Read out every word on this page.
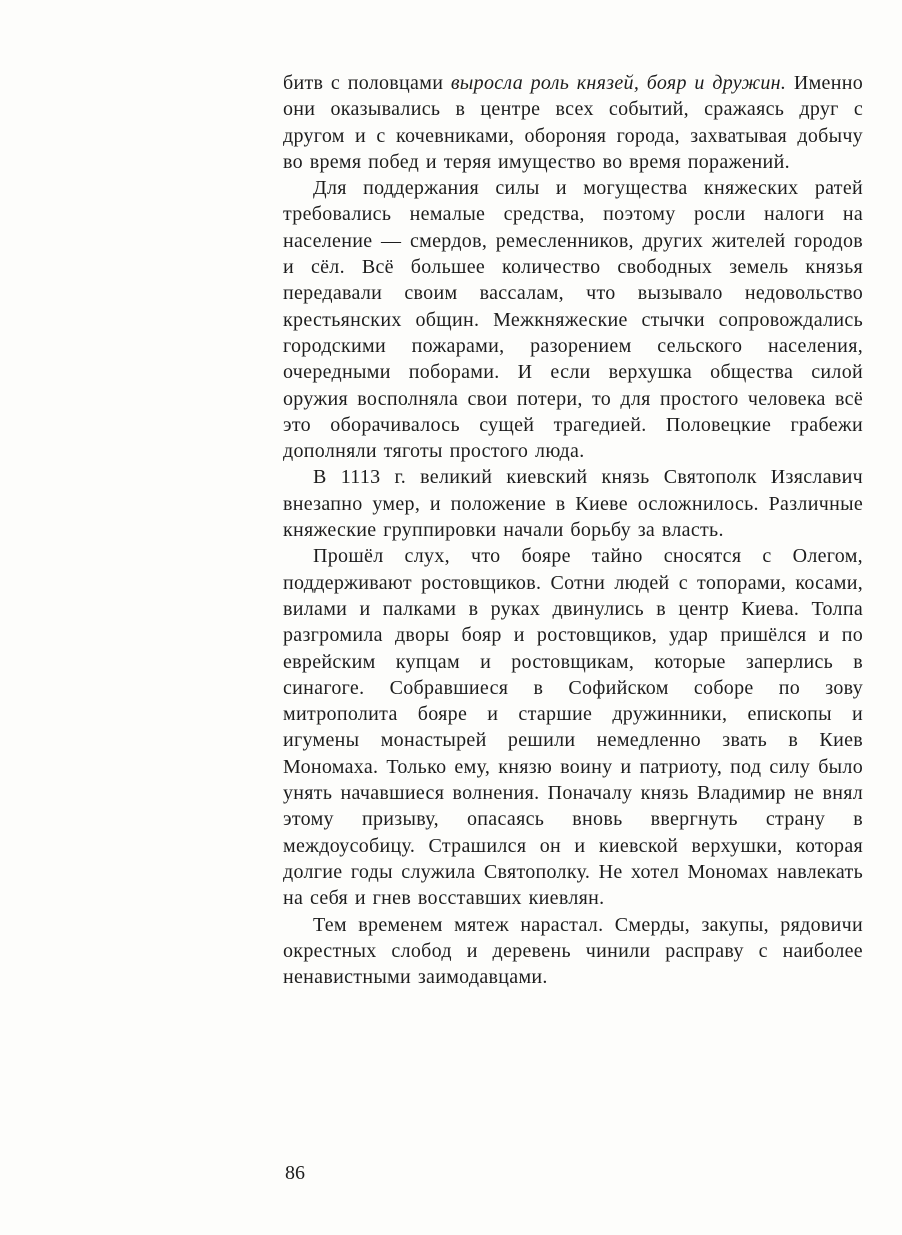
битв с половцами выросла роль князей, бояр и дружин. Именно они оказывались в центре всех событий, сражаясь друг с другом и с кочевниками, обороняя города, захватывая добычу во время побед и теряя имущество во время поражений.

Для поддержания силы и могущества княжеских ратей требовались немалые средства, поэтому росли налоги на население — смердов, ремесленников, других жителей городов и сёл. Всё большее количество свободных земель князья передавали своим вассалам, что вызывало недовольство крестьянских общин. Межкняжеские стычки сопровождались городскими пожарами, разорением сельского населения, очередными поборами. И если верхушка общества силой оружия восполняла свои потери, то для простого человека всё это оборачивалось сущей трагедией. Половецкие грабежи дополняли тяготы простого люда.

В 1113 г. великий киевский князь Святополк Изяславич внезапно умер, и положение в Киеве осложнилось. Различные княжеские группировки начали борьбу за власть.

Прошёл слух, что бояре тайно сносятся с Олегом, поддерживают ростовщиков. Сотни людей с топорами, косами, вилами и палками в руках двинулись в центр Киева. Толпа разгромила дворы бояр и ростовщиков, удар пришёлся и по еврейским купцам и ростовщикам, которые заперлись в синагоге. Собравшиеся в Софийском соборе по зову митрополита бояре и старшие дружинники, епископы и игумены монастырей решили немедленно звать в Киев Мономаха. Только ему, князю воину и патриоту, под силу было унять начавшиеся волнения. Поначалу князь Владимир не внял этому призыву, опасаясь вновь ввергнуть страну в междоусобицу. Страшился он и киевской верхушки, которая долгие годы служила Святополку. Не хотел Мономах навлекать на себя и гнев восставших киевлян.

Тем временем мятеж нарастал. Смерды, закупы, рядовичи окрестных слобод и деревень чинили расправу с наиболее ненавистными заимодавцами.

86
